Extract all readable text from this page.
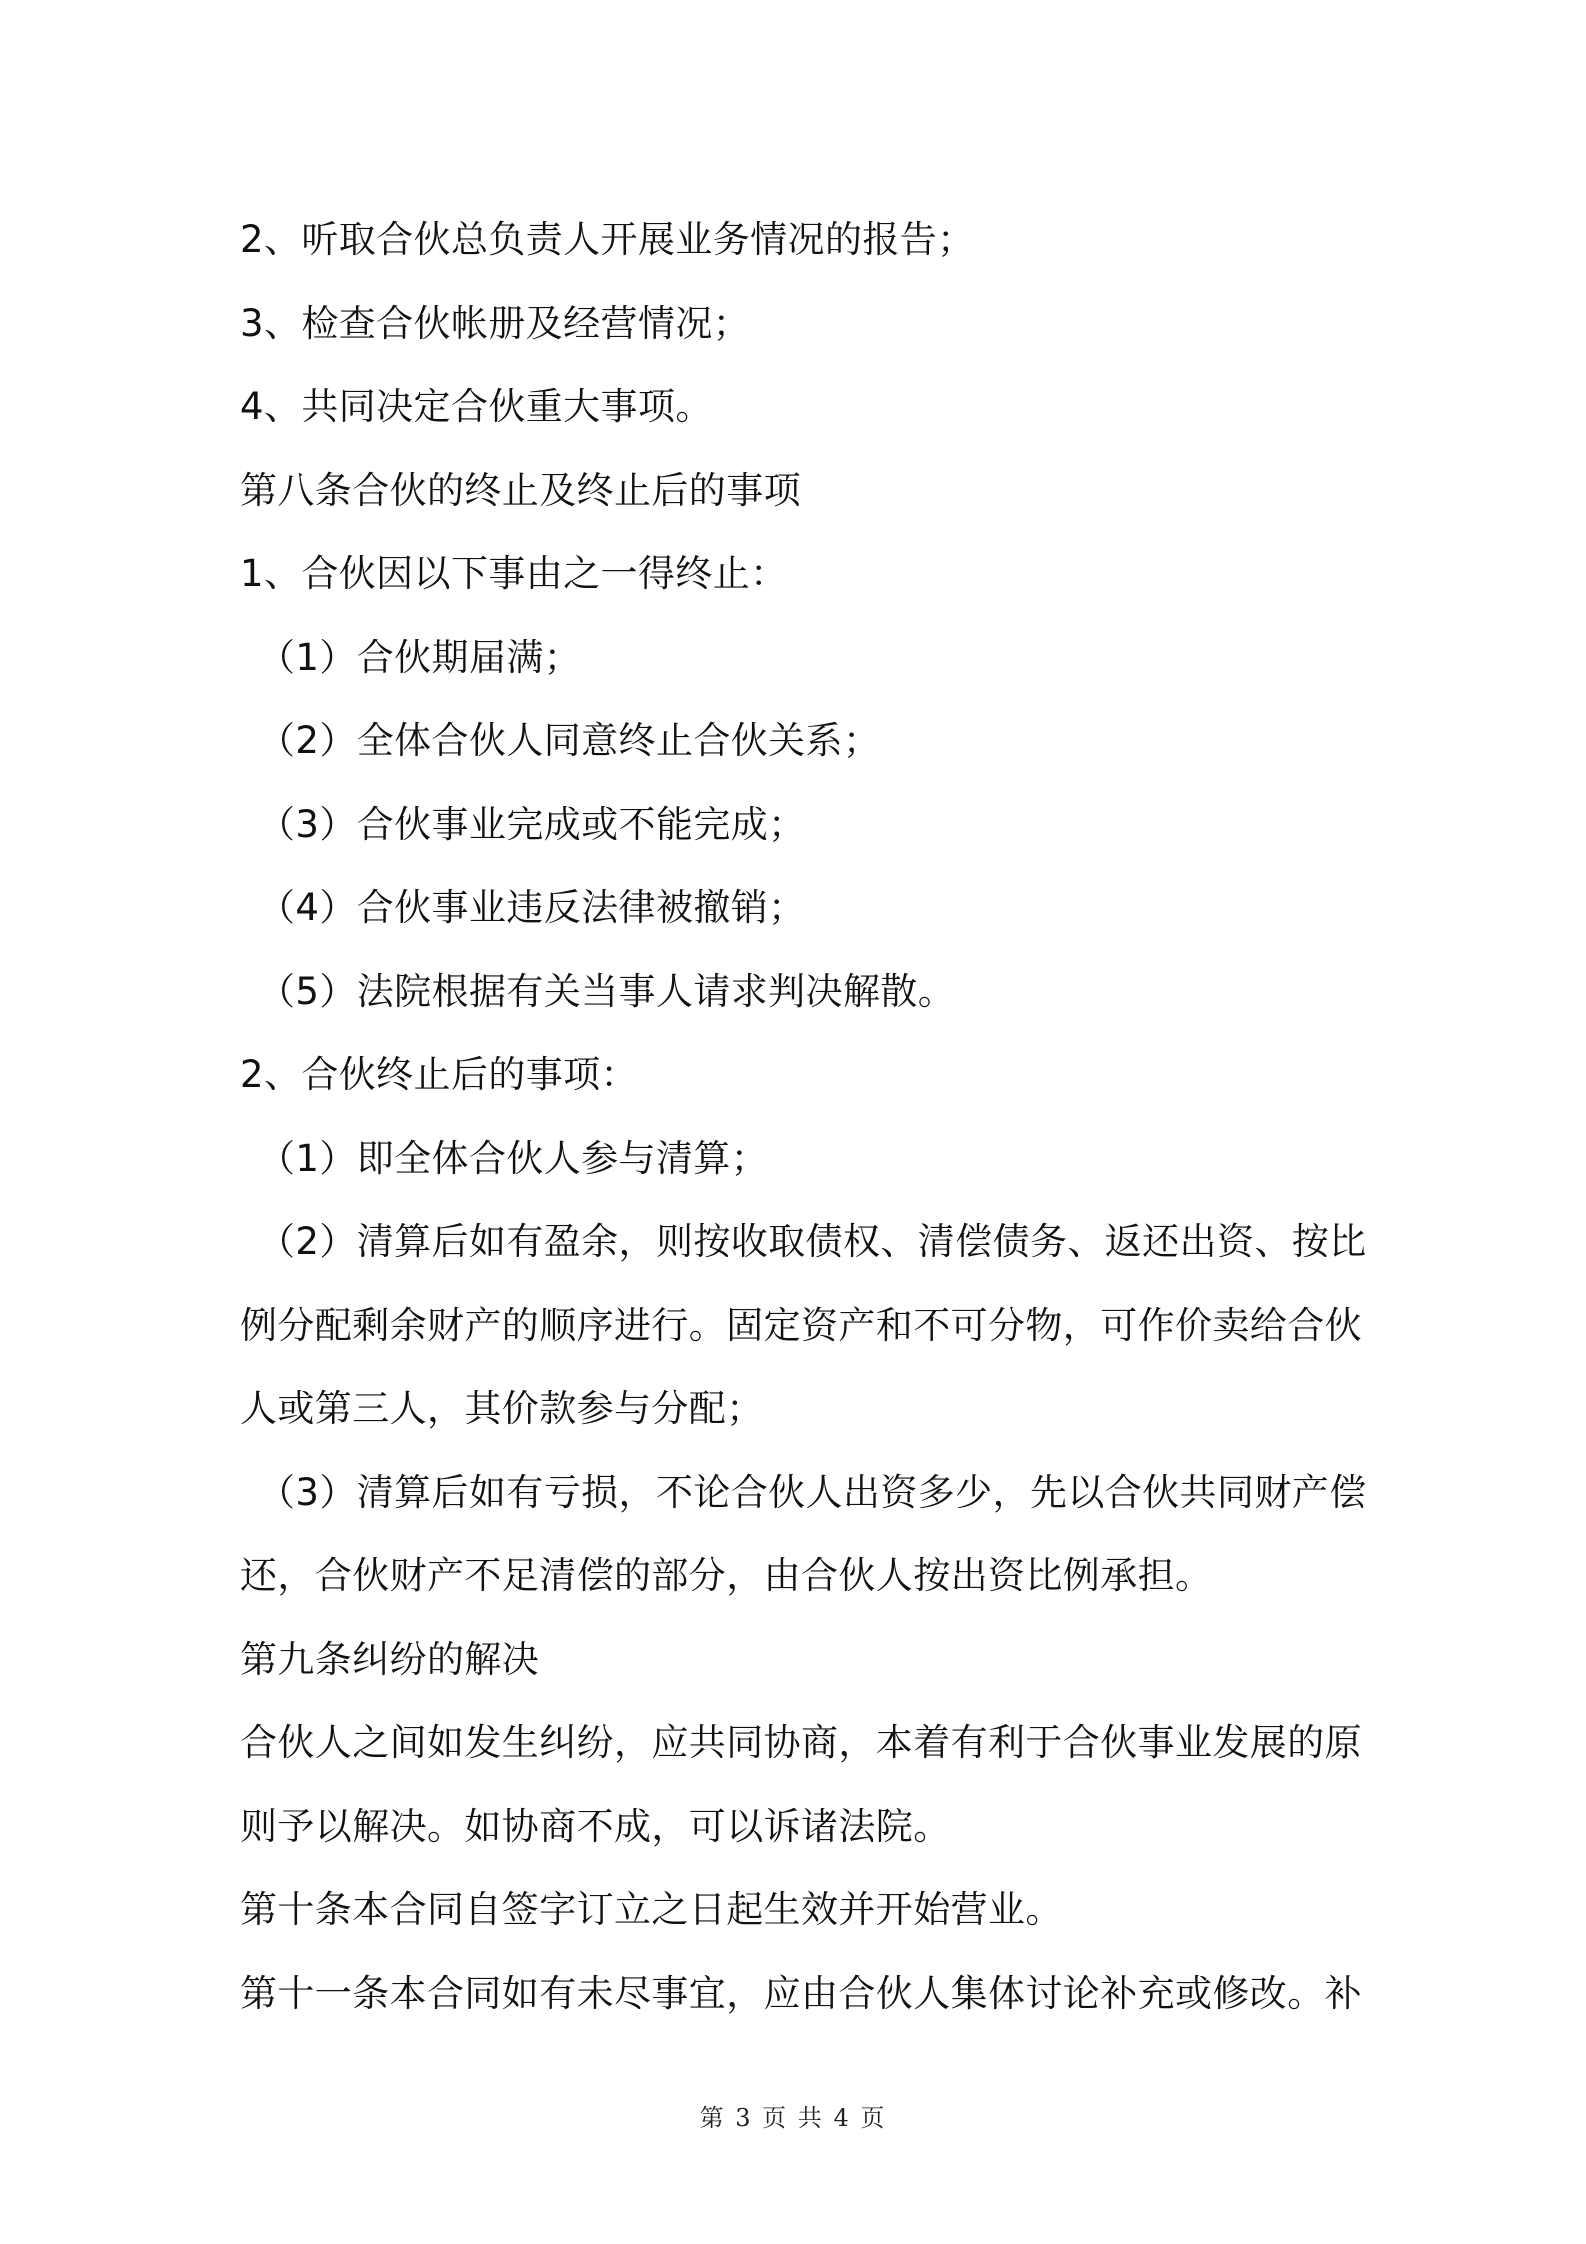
2、听取合伙总负责人开展业务情况的报告；
3、检查合伙帐册及经营情况；
4、共同决定合伙重大事项。
第八条合伙的终止及终止后的事项
1、合伙因以下事由之一得终止：
（1）合伙期届满；
（2）全体合伙人同意终止合伙关系；
（3）合伙事业完成或不能完成；
（4）合伙事业违反法律被撤销；
（5）法院根据有关当事人请求判决解散。
2、合伙终止后的事项：
（1）即全体合伙人参与清算；
（2）清算后如有盈余，则按收取债权、清偿债务、返还出资、按比
例分配剩余财产的顺序进行。固定资产和不可分物，可作价卖给合伙
人或第三人，其价款参与分配；
（3）清算后如有亏损，不论合伙人出资多少，先以合伙共同财产偿
还，合伙财产不足清偿的部分，由合伙人按出资比例承担。
第九条纠纷的解决
合伙人之间如发生纠纷，应共同协商，本着有利于合伙事业发展的原
则予以解决。如协商不成，可以诉诸法院。
第十条本合同自签字订立之日起生效并开始营业。
第十一条本合同如有未尽事宜，应由合伙人集体讨论补充或修改。补
第 3 页 共 4 页
